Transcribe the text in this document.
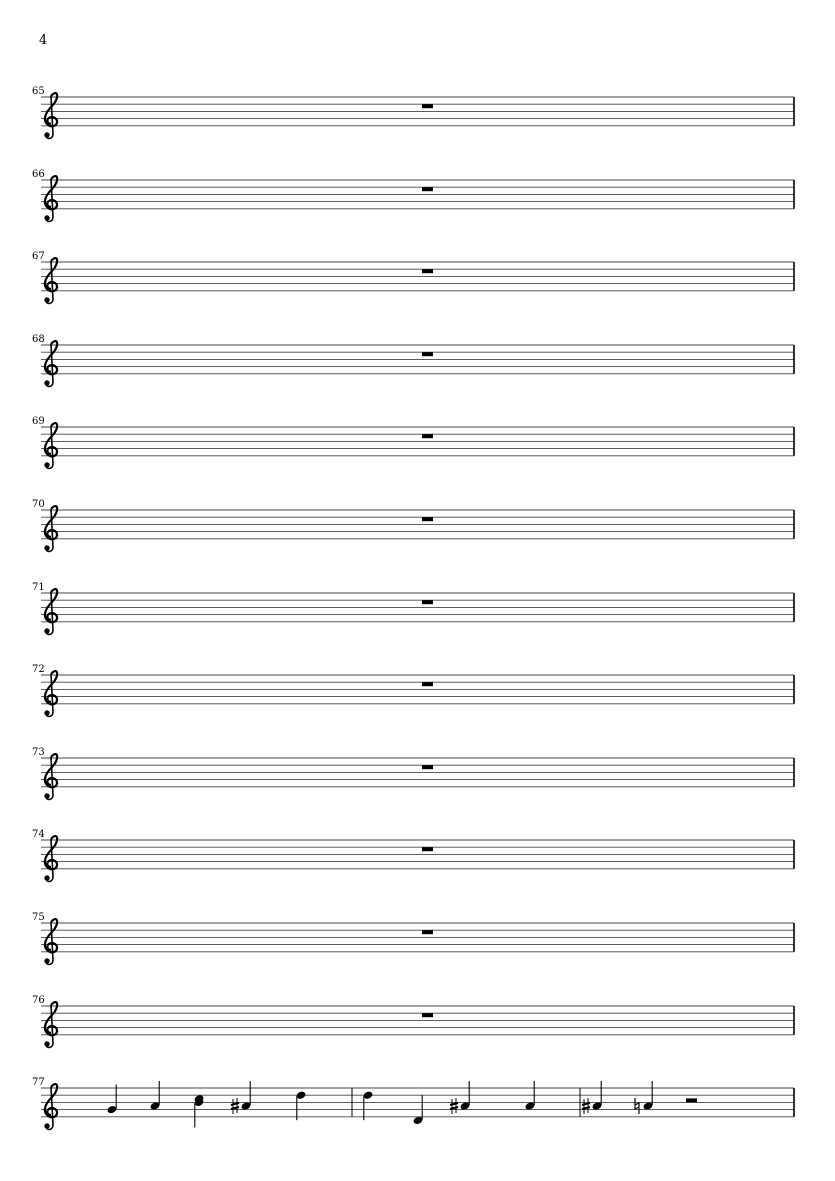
4
65
66
67
68
69
70
71
72
73
74
75
76
77
